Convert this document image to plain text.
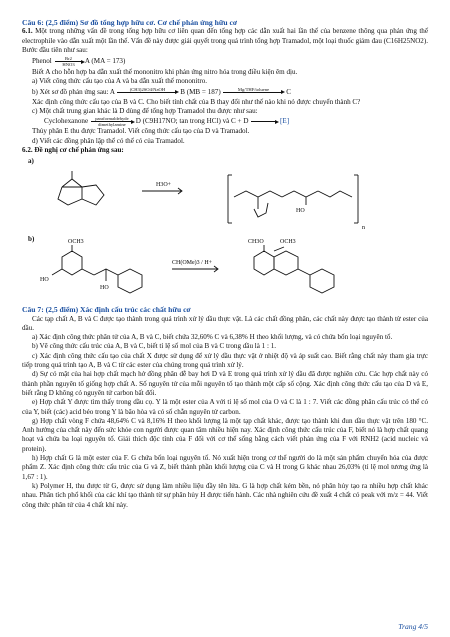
Câu 6: (2,5 điểm) Sơ đồ tổng hợp hữu cơ. Cơ chế phản ứng hữu cơ

6.1. Một trong những vấn đề trong tổng hợp hữu cơ liên quan đến tổng hợp các dẫn xuất hai lần thế của benzene thông qua phản ứng thế electrophile vào dẫn xuất một lần thế. Vấn đề này được giải quyết trong quá trình tổng hợp Tramadol, một loại thuốc giảm đau (C16H25NO2). Bước đầu tiên như sau:

Phenol	Br2
HNO3	A (MA = 173)

Biết A cho hỗn hợp ba dẫn xuất thế mononitro khi phản ứng nitro hóa trong điều kiện êm dịu.

a) Viết công thức cấu tạo của A và ba dẫn xuất thế mononitro.

b) Xét sơ đồ phản ứng sau: A	(CH3)2SO4/NaOH
	B (MB = 187)	Mg/THF/toluene
	C

Xác định công thức cấu tạo của B và C. Cho biết tính chất của B thay đổi như thế nào khi nó được chuyển thành C?

c) Một chất trung gian khác là D dùng để tổng hợp Tramadol thu được như sau:

Cyclohexanone	paraformaldehyde
dimethylamine	D (C9H17NO; tan trong HCl) và C + D

	[E]

Thủy phân E thu được Tramadol. Viết công thức cấu tạo của D và Tramadol.

d) Viết các đồng phân lập thể có thể có của Tramadol.

6.2. Đề nghị cơ chế phản ứng sau:

a)
H3O+
HO
n
b)	OCH3
HO
HO
CH(OMe)3 / H+
CH3O	OCH3
Câu 7: (2,5 điểm) Xác định cấu trúc các chất hữu cơ

Các tạp chất A, B và C được tạo thành trong quá trình xử lý dầu thực vật. Là các chất đồng phân, các chất này được tạo thành từ ester của dầu.

a) Xác định công thức phân tử của A, B và C, biết chứa 32,60% C và 6,38% H theo khối lượng, và có chứa bốn loại nguyên tố.

b) Vẽ công thức cấu trúc của A, B và C, biết tỉ lệ số mol của B và C trong dầu là 1 : 1.

c) Xác định công thức cấu tạo của chất X được sử dụng để xử lý dầu thực vật ở nhiệt độ và áp suất cao. Biết rằng chất này tham gia trực tiếp trong quá trình tạo A, B và C từ các ester của chúng trong quá trình xử lý.

d) Sự có mặt của hai hợp chất mạch hở đồng phân dễ bay hơi D và E trong quá trình xử lý dầu đã được nghiên cứu. Các hợp chất này có thành phần nguyên tố giống hợp chất A. Số nguyên tử của mỗi nguyên tố tạo thành một cấp số cộng. Xác định công thức cấu tạo của D và E, biết rằng D không có nguyên tử carbon bất đối.

e) Hợp chất Y được tìm thấy trong dầu cọ. Y là một ester của A với tỉ lệ số mol của O và C là 1 : 7. Viết các đồng phân cấu trúc có thể có của Y, biết (các) acid béo trong Y là bão hòa và có số chẵn nguyên tử carbon.

g) Hợp chất vòng F chứa 48,64% C và 8,16% H theo khối lượng là một tạp chất khác, được tạo thành khi đun dầu thực vật trên 180 °C. Anh hưởng của chất này đến sức khỏe con người được quan tâm nhiều hiện nay. Xác định công thức cấu trúc của F, biết nó là hợp chất quang hoạt và chứa ba loại nguyên tố. Giải thích độc tính của F đối với cơ thể sống bằng cách viết phản ứng của F với RNH2 (acid nucleic và protein).

h) Hợp chất G là một ester của F. G chứa bốn loại nguyên tố. Nó xuất hiện trong cơ thể người do là một sản phẩm chuyển hóa của được phẩm Z. Xác định công thức cấu trúc của G và Z, biết thành phần khối lượng của C và H trong G khác nhau 26,03% (tỉ lệ mol tương ứng là 1,67 : 1).

k) Polymer H, thu được từ G, được sử dụng làm nhiều liệu đầy tên lửa. G là hợp chất kém bền, nó phân hủy tạo ra nhiều hợp chất khác nhau. Phân tích phổ khối của các khí tạo thành từ sự phân hủy H được tiến hành. Các nhà nghiên cứu đề xuất 4 chất có peak với m/z = 44. Viết công thức phân tử của 4 chất khí này.

Trang 4/5
